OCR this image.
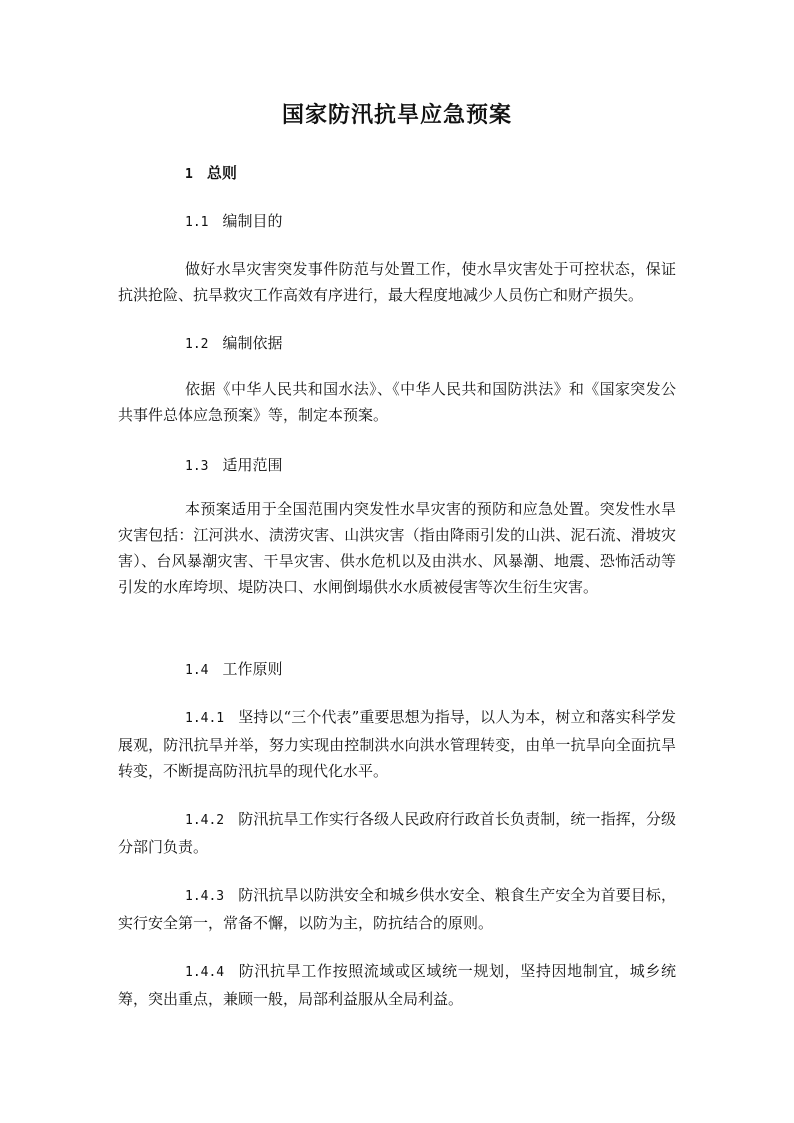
国家防汛抗旱应急预案
1 总则
1.1 编制目的
做好水旱灾害突发事件防范与处置工作，使水旱灾害处于可控状态，保证抗洪抢险、抗旱救灾工作高效有序进行，最大程度地减少人员伤亡和财产损失。
1.2 编制依据
依据《中华人民共和国水法》、《中华人民共和国防洪法》和《国家突发公共事件总体应急预案》等，制定本预案。
1.3 适用范围
本预案适用于全国范围内突发性水旱灾害的预防和应急处置。突发性水旱灾害包括：江河洪水、渍涝灾害、山洪灾害（指由降雨引发的山洪、泥石流、滑坡灾害）、台风暴潮灾害、干旱灾害、供水危机以及由洪水、风暴潮、地震、恐怖活动等引发的水库垮坝、堤防决口、水闸倒塌供水水质被侵害等次生衍生灾害。
1.4 工作原则
1.4.1 坚持以“三个代表”重要思想为指导，以人为本，树立和落实科学发展观，防汛抗旱并举，努力实现由控制洪水向洪水管理转变，由单一抗旱向全面抗旱转变，不断提高防汛抗旱的现代化水平。
1.4.2 防汛抗旱工作实行各级人民政府行政首长负责制，统一指挥，分级分部门负责。
1.4.3 防汛抗旱以防洪安全和城乡供水安全、粮食生产安全为首要目标，实行安全第一，常备不懈，以防为主，防抗结合的原则。
1.4.4 防汛抗旱工作按照流域或区域统一规划，坚持因地制宜，城乡统筹，突出重点，兼顾一般，局部利益服从全局利益。
